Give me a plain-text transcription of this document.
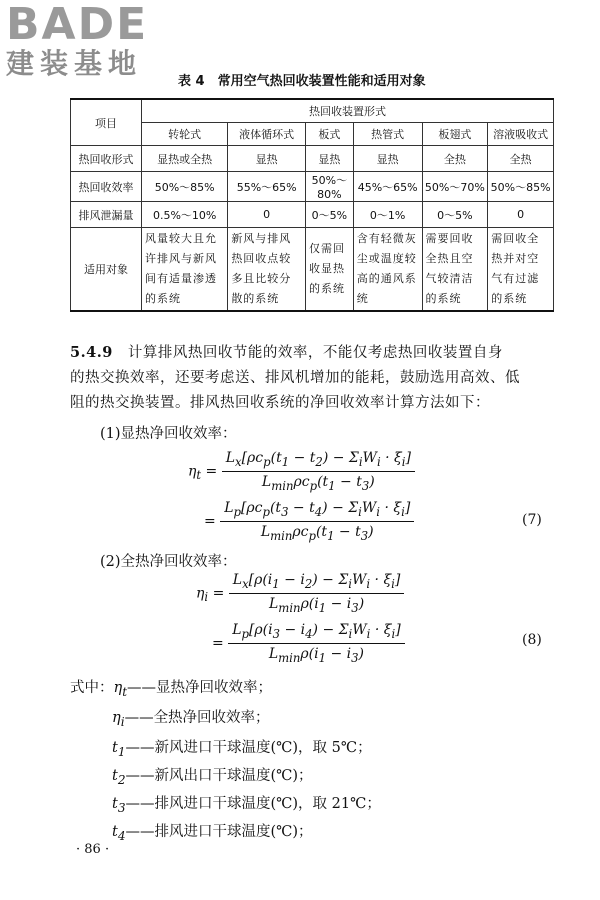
BADE
建装基地
表 4　常用空气热回收装置性能和适用对象
项目	热回收装置形式					
	转轮式	液体循环式	板式	热管式	板翅式	溶液吸收式
热回收形式	显热或全热	显热	显热	显热	全热	全热
热回收效率	50%～85%	55%～65%	50%～80%	45%～65%	50%～70%	50%～85%
排风泄漏量	0.5%～10%	0	0～5%	0～1%	0～5%	0
适用对象	风量较大且允许排风与新风间有适量渗透的系统	新风与排风热回收点较多且比较分散的系统	仅需回收显热的系统	含有轻微灰尘或温度较高的通风系统	需要回收全热且空气较清洁的系统	需回收全热并对空气有过滤的系统
5.4.9　 计算排风热回收节能的效率，不能仅考虑热回收装置自身
的热交换效率，还要考虑送、排风机增加的能耗，鼓励选用高效、低
阻的热交换装置。排风热回收系统的净回收效率计算方法如下：
(1)显热净回收效率：
$\eta_t = \frac{L_x[\rho c_p(t_1 - t_2) - \Sigma_iW_i \cdot \xi_i]}{L_{min}\rho c_p(t_1 - t_3)}$
= $\frac{L_p[\rho c_p(t_3 - t_4) - \Sigma_iW_i \cdot \xi_i]}{L_{min}\rho c_p(t_1 - t_3)}$	(7)
(2)全热净回收效率：
$\eta_i = \frac{L_x[\rho(i_1 - i_2) - \Sigma_iW_i \cdot \xi_i]}{L_{min}\rho(i_1 - i_3)}$
= $\frac{L_p[\rho(i_3 - i_4) - \Sigma_iW_i \cdot \xi_i]}{L_{min}\rho(i_1 - i_3)}$	(8)
式中：$\eta_t——$显热净回收效率；
$\eta_i——$全热净回收效率；
$t_1——$新风进口干球温度(℃)，取 5℃；
$t_2——$新风出口干球温度(℃)；
$t_3——$排风进口干球温度(℃)，取 21℃；
$t_4——$排风进口干球温度(℃)；
· 86 ·
